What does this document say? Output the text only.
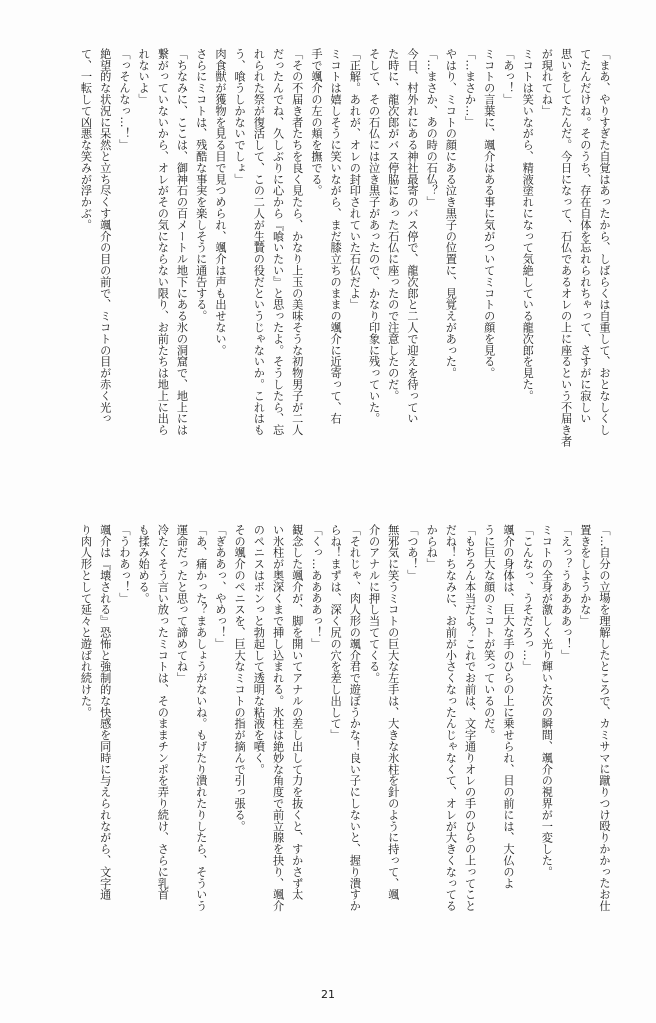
「まあ、やりすぎた自覚はあったから、しばらくは自重して、おとなしくし
てたんだけね。そのうち、存在自体を忘れられちゃって、さすがに寂しい
思いをしてたんだ。今日になって、石仏であるオレの上に座るという不届き者
が現れてね」
ミコトは笑いながら、精液塗れになって気絶している龍次郎を見た。
「あっ！」
ミコトの言葉に、颯介はある事に気がついてミコトの顔を見る。
「…まさか…」
やはり、ミコトの顔にある泣き黒子の位置に、見覚えがあった。
「…まさか、あの時の石仏？」
今日、村外れにある神社最寄のバス停で、龍次郎と二人で迎えを待ってい
た時に、龍次郎がバス停脇にあった石仏に座ったので注意したのだ。
そして、その石仏には泣き黒子があったので、かなり印象に残っていた。
「正解。あれが、オレの封印されていた石仏だよ」
ミコトは嬉しそうに笑いながら、まだ膝立ちのままの颯介に近寄って、右
手で颯介の左の頬を撫でる。
「その不届き者たちを良く見たら、かなり上玉の美味そうな初物男子が二人
だったんでね、久しぶりに心から『喰いたい』と思ったよ。そうしたら、忘
れられた祭が復活して、この二人が生贄の役だというじゃないか。これはも
う、喰うしかないでしょ」
肉食獣が獲物を見る目で見つめられ、颯介は声も出せない。
さらにミコトは、残酷な事実を楽しそうに通告する。
「ちなみに、ここは、御神石の百メートル地下にある氷の洞窟で、地上には
繋がっていないから、オレがその気にならない限り、お前たちは地上に出ら
れないよ」
「っそんなっ…！」
絶望的な状況に呆然と立ち尽くす颯介の目の前で、ミコトの目が赤く光っ
て、一転して凶悪な笑みが浮かぶ。
「…自分の立場を理解したところで、カミサマに蹴りつけ殴りかかったお仕
置きをしようかな」
「えっ？うああああっ！」
ミコトの全身が激しく光り輝いた次の瞬間、颯介の視界が一変した。
「こんなっ、うそだろっ…」
颯介の身体は、巨大な手のひらの上に乗せられ、目の前には、大仏のよ
うに巨大な顔のミコトが笑っているのだ。
「もちろん本当だよ？これでお前は、文字通りオレの手のひらの上ってこと
だね！ちなみに、お前が小さくなったんじゃなくて、オレが大きくなってる
からね」
「つあ！」
無邪気に笑うミコトの巨大な左手は、大きな氷柱を針のように持って、颯
介のアナルに押し当ててくる。
「それじゃ、肉人形の颯介君で遊ぼうかな！良い子にしないと、握り潰すか
らね！まずは、深く尻の穴を差し出して」
「くっ…ああああっ！」
観念した颯介が、脚を開いてアナルの差し出して力を抜くと、すかさず太
い氷柱が奥深くまで挿し込まれる。氷柱は絶妙な角度で前立腺を抉り、颯介
のペニスはボンっと勃起して透明な粘液を噴く。
その颯介のペニスを、巨大なミコトの指が摘んで引っ張る。
「ぎああっ、やめっ！」
「あ、痛かった？まあしょうがないね。もげたり潰れたりしたら、そういう
運命だったと思って諦めてね」
冷たくそう言い放ったミコトは、そのままチンポを弄り続け、さらに乳首
も揉み始める。
「うわあっ！」
颯介は『壊される』恐怖と強制的な快感を同時に与えられながら、文字通
り肉人形として延々と遊ばれ続けた。
21
